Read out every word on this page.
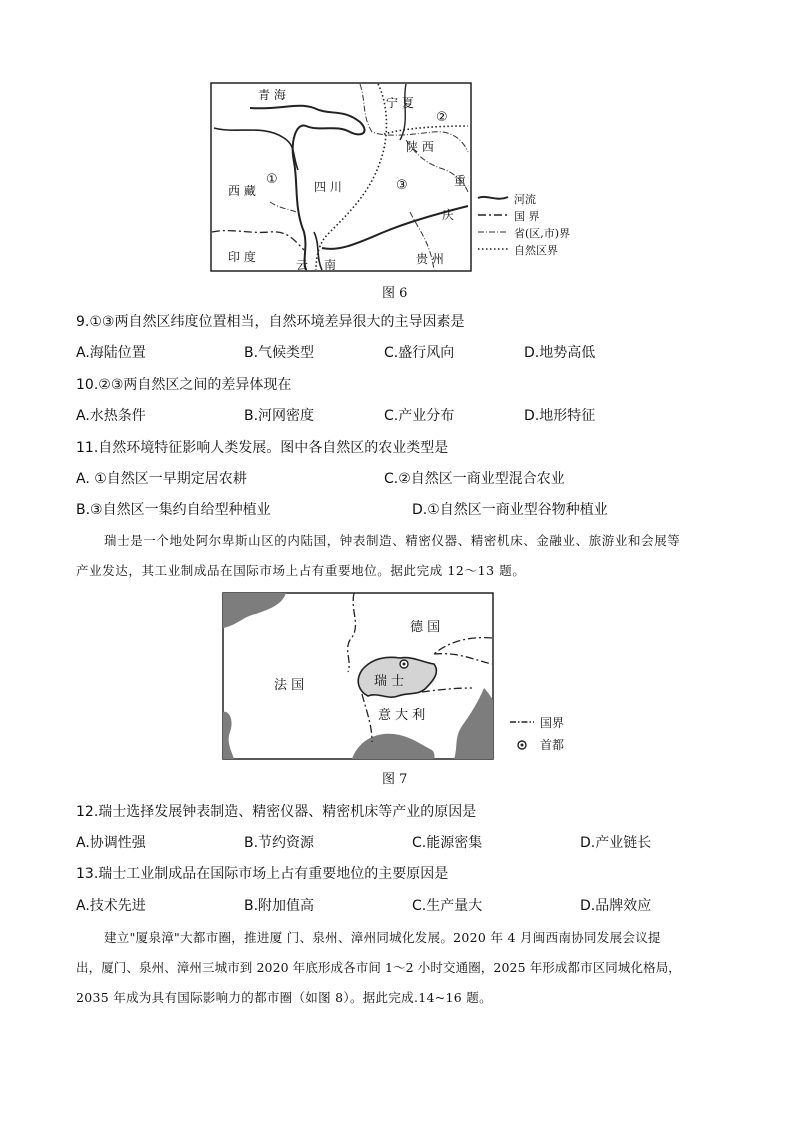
青 海
宁 夏
②
陕 西
西 藏
①	四 川	③	重
庆
印 度
云 南	贵 州
河流
国 界
省(区,市)界
自然区界
图 6
9.①③两自然区纬度位置相当，自然环境差异很大的主导因素是
A.海陆位置	B.气候类型	C.盛行风向	D.地势高低
10.②③两自然区之间的差异体现在
A.水热条件	B.河网密度	C.产业分布	D.地形特征
11.自然环境特征影响人类发展。图中各自然区的农业类型是
A. ①自然区一早期定居农耕	C.②自然区一商业型混合农业
B.③自然区一集约自给型种植业	D.①自然区一商业型谷物种植业
瑞士是一个地处阿尔卑斯山区的内陆国，钟表制造、精密仪器、精密机床、金融业、旅游业和会展等
产业发达，其工业制成品在国际市场上占有重要地位。据此完成 12～13 题。
德 国
法 国	瑞 士
意 大 利	国界
首都
图 7
12.瑞士选择发展钟表制造、精密仪器、精密机床等产业的原因是
A.协调性强	B.节约资源	C.能源密集	D.产业链长
13.瑞士工业制成品在国际市场上占有重要地位的主要原因是
A.技术先进	B.附加值高	C.生产量大	D.品牌效应
建立"厦泉漳"大都市圈，推进厦 门、泉州、漳州同城化发展。2020 年 4 月闽西南协同发展会议提
出，厦门、泉州、漳州三城市到 2020 年底形成各市间 1～2 小时交通圈，2025 年形成都市区同城化格局，
2035 年成为具有国际影响力的都市圈（如图 8）。据此完成.14~16 题。
